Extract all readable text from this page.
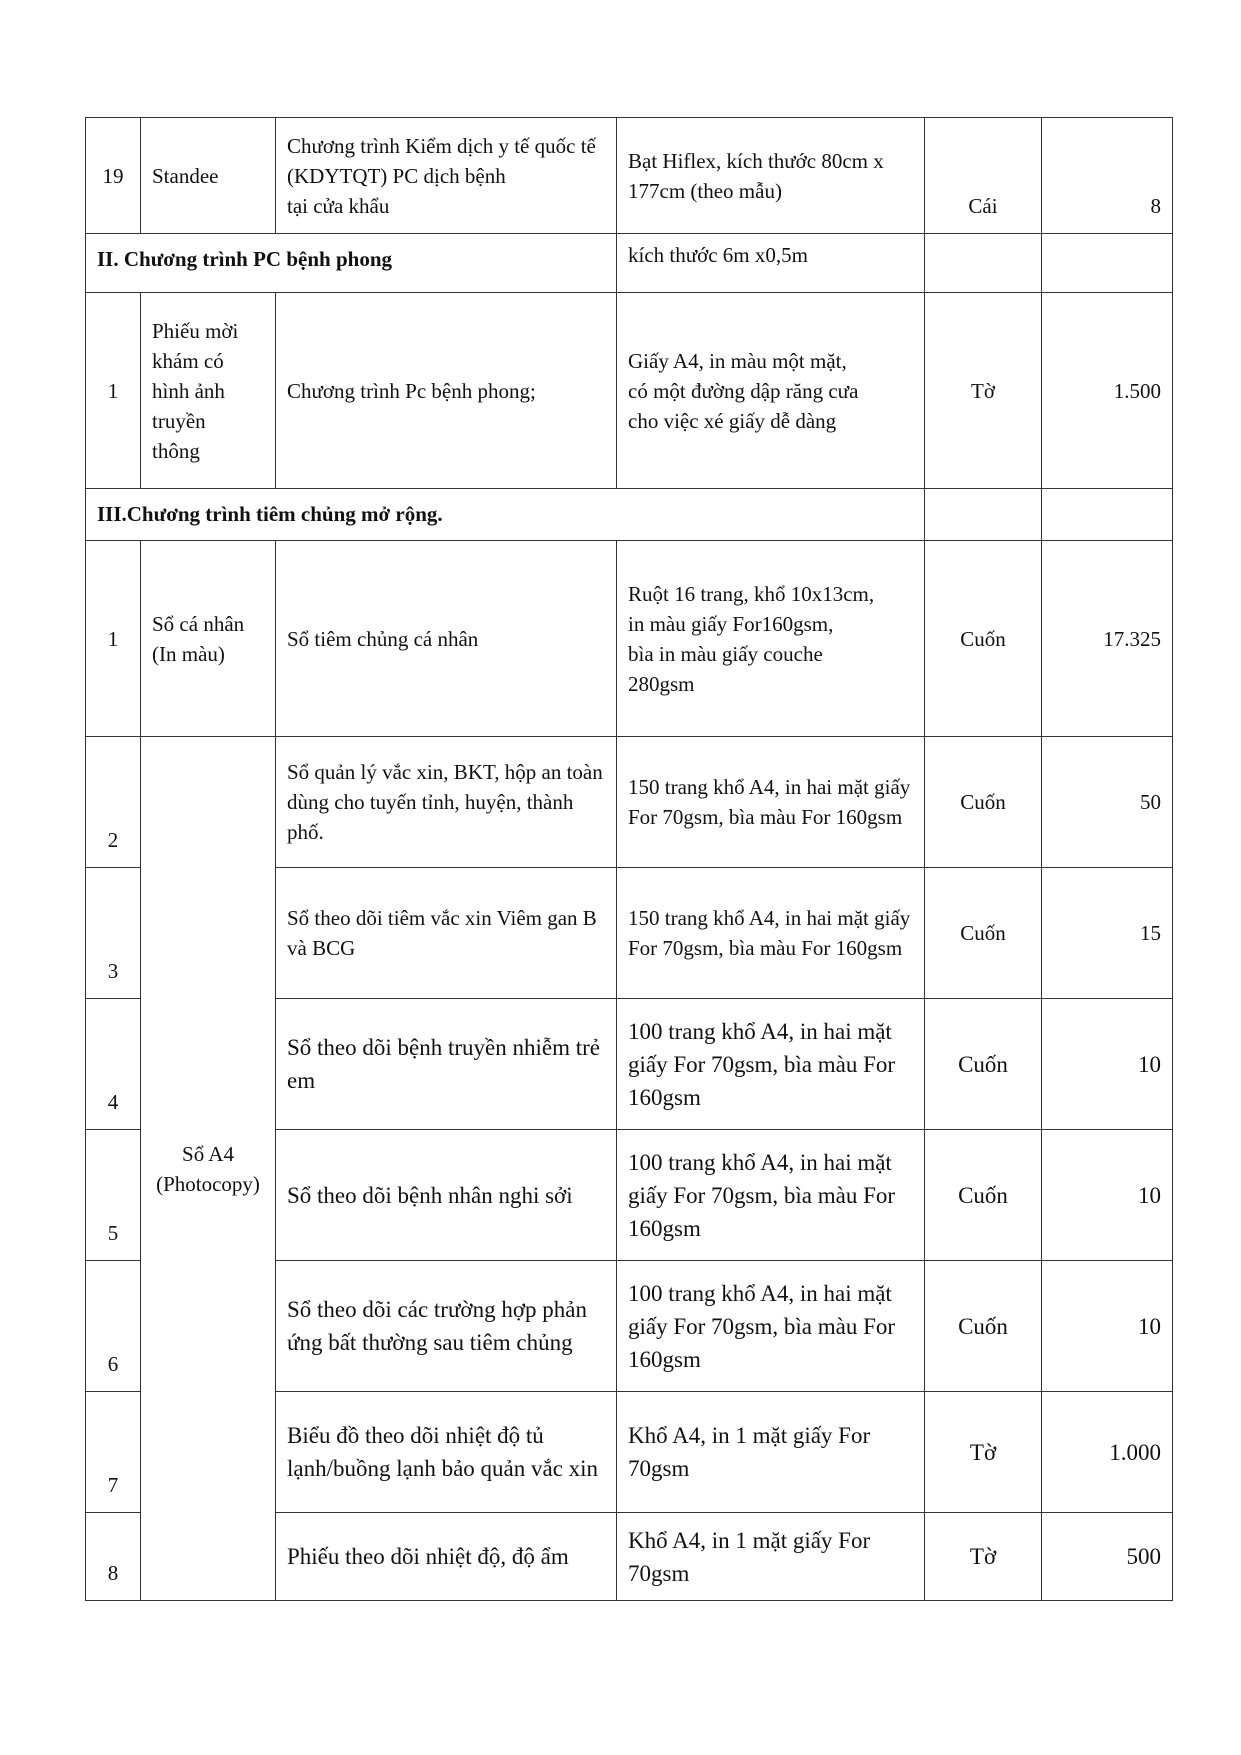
19	Standee	Chương trình Kiểm dịch y tế quốc tế (KDYTQT) PC dịch bệnh
tại cửa khẩu	Bạt Hiflex, kích thước 80cm x 177cm (theo mẫu)	Cái	8
II. Chương trình PC bệnh phong			kích thước 6m x0,5m		
1	Phiếu mời
khám có
hình ảnh
truyền
thông	Chương trình Pc bệnh phong;	Giấy A4, in màu một mặt,
có một đường dập răng cưa
cho việc xé giấy dễ dàng	Tờ	1.500
III.Chương trình tiêm chủng mở rộng.					
1	Sổ cá nhân
(In màu)	Sổ tiêm chủng cá nhân	Ruột 16 trang, khổ 10x13cm,
in màu giấy For160gsm,
bìa in màu giấy couche
280gsm	Cuốn	17.325
2	Sổ A4
(Photocopy)	Sổ quản lý vắc xin, BKT, hộp an toàn dùng cho tuyến tỉnh, huyện, thành phố.	150 trang khổ A4, in hai mặt giấy For 70gsm, bìa màu For 160gsm	Cuốn	50
3		Sổ theo dõi tiêm vắc xin Viêm gan B và BCG	150 trang khổ A4, in hai mặt giấy For 70gsm, bìa màu For 160gsm	Cuốn	15
4		Sổ theo dõi bệnh truyền nhiễm trẻ em	100 trang khổ A4, in hai mặt giấy For 70gsm, bìa màu For 160gsm	Cuốn	10
5		Sổ theo dõi bệnh nhân nghi sởi	100 trang khổ A4, in hai mặt giấy For 70gsm, bìa màu For 160gsm	Cuốn	10
6		Sổ theo dõi các trường hợp phản ứng bất thường sau tiêm chủng	100 trang khổ A4, in hai mặt giấy For 70gsm, bìa màu For 160gsm	Cuốn	10
7		Biểu đồ theo dõi nhiệt độ tủ lạnh/buồng lạnh bảo quản vắc xin	Khổ A4, in 1 mặt giấy For 70gsm	Tờ	1.000
8		Phiếu theo dõi nhiệt độ, độ ẩm	Khổ A4, in 1 mặt giấy For 70gsm	Tờ	500
